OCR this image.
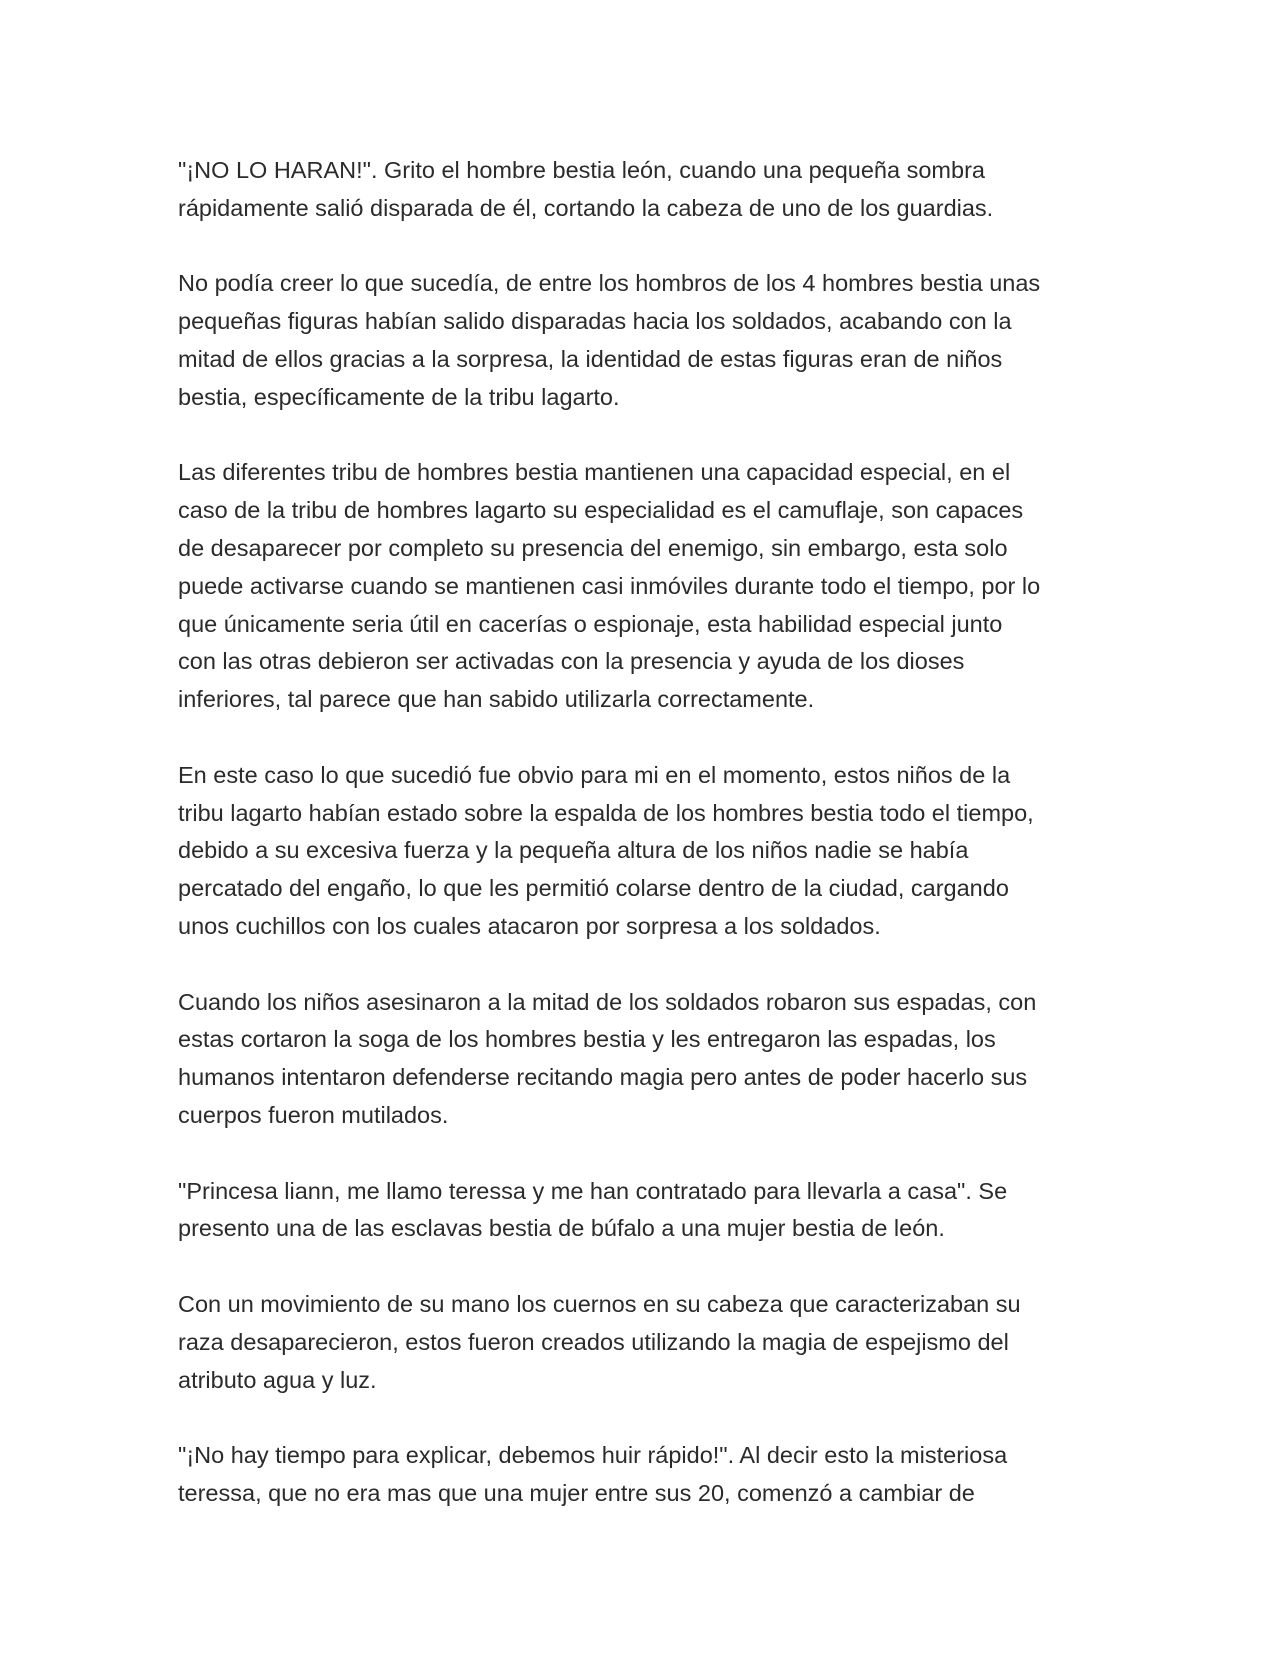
"¡NO LO HARAN!". Grito el hombre bestia león, cuando una pequeña sombra
rápidamente salió disparada de él, cortando la cabeza de uno de los guardias.

No podía creer lo que sucedía, de entre los hombros de los 4 hombres bestia unas
pequeñas figuras habían salido disparadas hacia los soldados, acabando con la
mitad de ellos gracias a la sorpresa, la identidad de estas figuras eran de niños
bestia, específicamente de la tribu lagarto.

Las diferentes tribu de hombres bestia mantienen una capacidad especial, en el
caso de la tribu de hombres lagarto su especialidad es el camuflaje, son capaces
de desaparecer por completo su presencia del enemigo, sin embargo, esta solo
puede activarse cuando se mantienen casi inmóviles durante todo el tiempo, por lo
que únicamente seria útil en cacerías o espionaje, esta habilidad especial junto
con las otras debieron ser activadas con la presencia y ayuda de los dioses
inferiores, tal parece que han sabido utilizarla correctamente.

En este caso lo que sucedió fue obvio para mi en el momento, estos niños de la
tribu lagarto habían estado sobre la espalda de los hombres bestia todo el tiempo,
debido a su excesiva fuerza y la pequeña altura de los niños nadie se había
percatado del engaño, lo que les permitió colarse dentro de la ciudad, cargando
unos cuchillos con los cuales atacaron por sorpresa a los soldados.

Cuando los niños asesinaron a la mitad de los soldados robaron sus espadas, con
estas cortaron la soga de los hombres bestia y les entregaron las espadas, los
humanos intentaron defenderse recitando magia pero antes de poder hacerlo sus
cuerpos fueron mutilados.

"Princesa liann, me llamo teressa y me han contratado para llevarla a casa". Se
presento una de las esclavas bestia de búfalo a una mujer bestia de león.

Con un movimiento de su mano los cuernos en su cabeza que caracterizaban su
raza desaparecieron, estos fueron creados utilizando la magia de espejismo del
atributo agua y luz.

"¡No hay tiempo para explicar, debemos huir rápido!". Al decir esto la misteriosa
teressa, que no era mas que una mujer entre sus 20, comenzó a cambiar de
